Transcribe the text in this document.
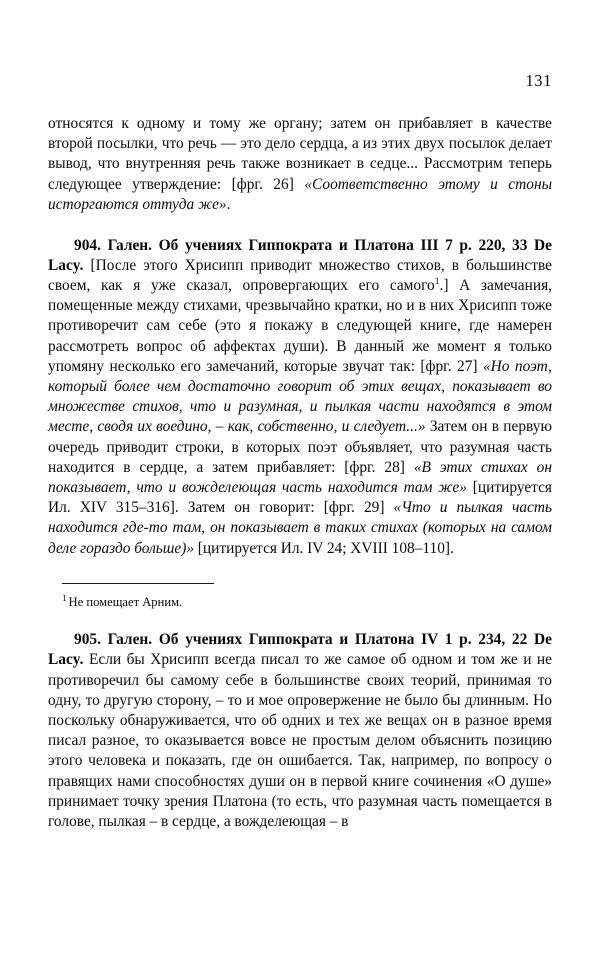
131

относятся к одному и тому же органу; затем он прибавляет в качестве второй посылки, что речь — это дело сердца, а из этих двух посылок делает вывод, что внутренняя речь также возникает в седце... Рассмотрим теперь следующее утверждение: [фрг. 26] «Соответственно этому и стоны исторгаются оттуда же».

904. Гален. Об учениях Гиппократа и Платона III 7 p. 220, 33 De Lacy. [После этого Хрисипп приводит множество стихов, в большинстве своем, как я уже сказал, опровергающих его самого$^1$.] А замечания, помещенные между стихами, чрезвычайно кратки, но и в них Хрисипп тоже противоречит сам себе (это я покажу в следующей книге, где намерен рассмотреть вопрос об аффектах души). В данный же момент я только упомяну несколько его замечаний, которые звучат так: [фрг. 27] «Но поэт, который более чем достаточно говорит об этих вещах, показывает во множестве стихов, что и разумная, и пылкая части находятся в этом месте, сводя их воедино, – как, собственно, и следует...» Затем он в первую очередь приводит строки, в которых поэт объявляет, что разумная часть находится в сердце, а затем прибавляет: [фрг. 28] «В этих стихах он показывает, что и вожделеющая часть находится там же» [цитируется Ил. XIV 315–316]. Затем он говорит: [фрг. 29] «Что и пылкая часть находится где-то там, он показывает в таких стихах (которых на самом деле гораздо больше)» [цитируется Ил. IV 24; XVIII 108–110].

$^1$ Не помещает Арним.

905. Гален. Об учениях Гиппократа и Платона IV 1 p. 234, 22 De Lacy. Если бы Хрисипп всегда писал то же самое об одном и том же и не противоречил бы самому себе в большинстве своих теорий, принимая то одну, то другую сторону, – то и мое опровержение не было бы длинным. Но поскольку обнаруживается, что об одних и тех же вещах он в разное время писал разное, то оказывается вовсе не простым делом объяснить позицию этого человека и показать, где он ошибается. Так, например, по вопросу о правящих нами способностях души он в первой книге сочинения «О душе» принимает точку зрения Платона (то есть, что разумная часть помещается в голове, пылкая – в сердце, а вожделеющая – в
